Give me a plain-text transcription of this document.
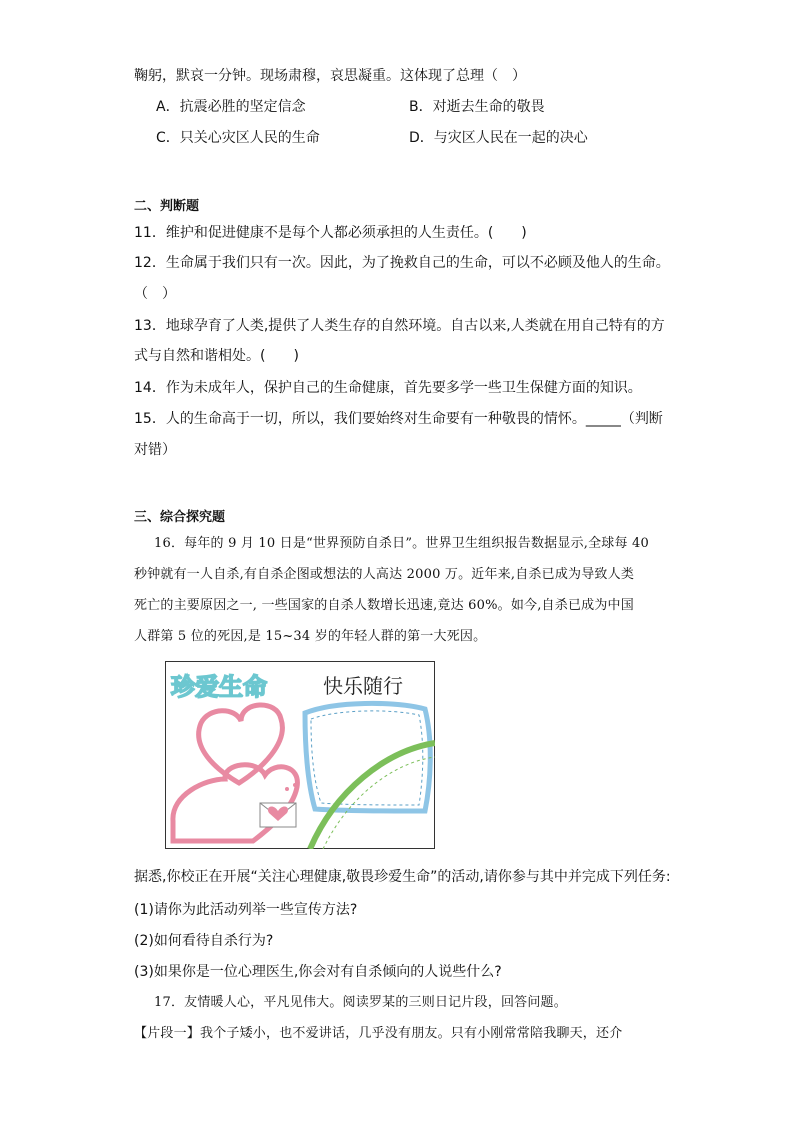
鞠躬，默哀一分钟。现场肃穆，哀思凝重。这体现了总理（　）
A．抗震必胜的坚定信念	B．对逝去生命的敬畏
C．只关心灾区人民的生命	D．与灾区人民在一起的决心
二、判断题
11．维护和促进健康不是每个人都必须承担的人生责任。(　　)
12．生命属于我们只有一次。因此，为了挽救自己的生命，可以不必顾及他人的生命。
（　）
13．地球孕育了人类,提供了人类生存的自然环境。自古以来,人类就在用自己特有的方
式与自然和谐相处。(　　)
14．作为未成年人，保护自己的生命健康，首先要多学一些卫生保健方面的知识。
15．人的生命高于一切，所以，我们要始终对生命要有一种敬畏的情怀。_____（判断
对错）
三、综合探究题
16．每年的 9 月 10 日是“世界预防自杀日”。世界卫生组织报告数据显示,全球每 40
秒钟就有一人自杀,有自杀企图或想法的人高达 2000 万。近年来,自杀已成为导致人类
死亡的主要原因之一, 一些国家的自杀人数增长迅速,竟达 60%。如今,自杀已成为中国
人群第 5 位的死因,是 15~34 岁的年轻人群的第一大死因。
珍爱生命	快乐随行
据悉,你校正在开展“关注心理健康,敬畏珍爱生命”的活动,请你参与其中并完成下列任务:
(1)请你为此活动列举一些宣传方法?
(2)如何看待自杀行为?
(3)如果你是一位心理医生,你会对有自杀倾向的人说些什么?
17．友情暖人心，平凡见伟大。阅读罗某的三则日记片段，回答问题。
【片段一】我个子矮小，也不爱讲话，几乎没有朋友。只有小刚常常陪我聊天，还介
